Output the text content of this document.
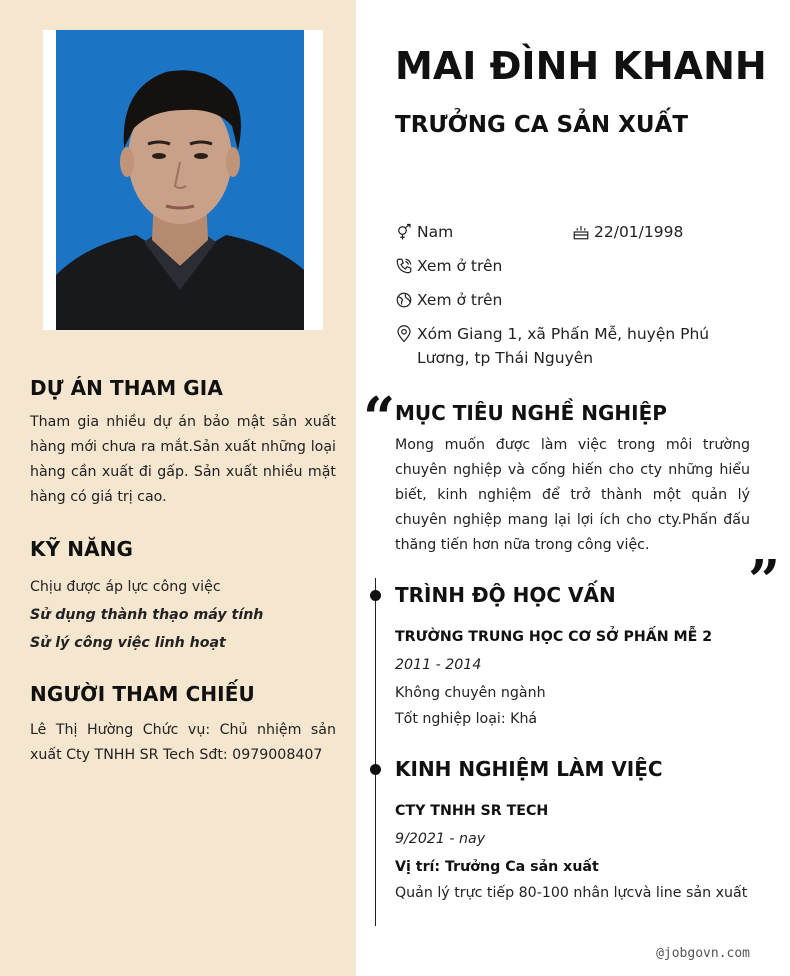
DỰ ÁN THAM GIA
Tham gia nhiều dự án bảo mật sản xuất hàng mới chưa ra mắt.Sản xuất những loại hàng cần xuất đi gấp. Sản xuất nhiều mặt hàng có giá trị cao.
KỸ NĂNG
Chịu được áp lực công việc
Sử dụng thành thạo máy tính
Sử lý công việc linh hoạt
NGƯỜI THAM CHIẾU
Lê Thị Hường Chức vụ: Chủ nhiệm sản xuất Cty TNHH SR Tech Sđt: 0979008407
MAI ĐÌNH KHANH
TRƯỞNG CA SẢN XUẤT
Nam	22/01/1998
Xem ở trên
Xem ở trên
Xóm Giang 1, xã Phấn Mễ, huyện Phú
Lương, tp Thái Nguyên
“ MỤC TIÊU NGHỀ NGHIỆP
Mong muốn được làm việc trong môi trường chuyên nghiệp và cống hiến cho cty những hiểu biết, kinh nghiệm để trở thành một quản lý chuyên nghiệp mang lại lợi ích cho cty.Phấn đấu thăng tiến hơn nữa trong công việc.
”
TRÌNH ĐỘ HỌC VẤN
TRƯỜNG TRUNG HỌC CƠ SỞ PHẤN MỄ 2
2011 - 2014
Không chuyên ngành
Tốt nghiệp loại: Khá
KINH NGHIỆM LÀM VIỆC
CTY TNHH SR TECH
9/2021 - nay
Vị trí: Trưởng Ca sản xuất
Quản lý trực tiếp 80-100 nhân lựcvà line sản xuất
@jobgovn.com
